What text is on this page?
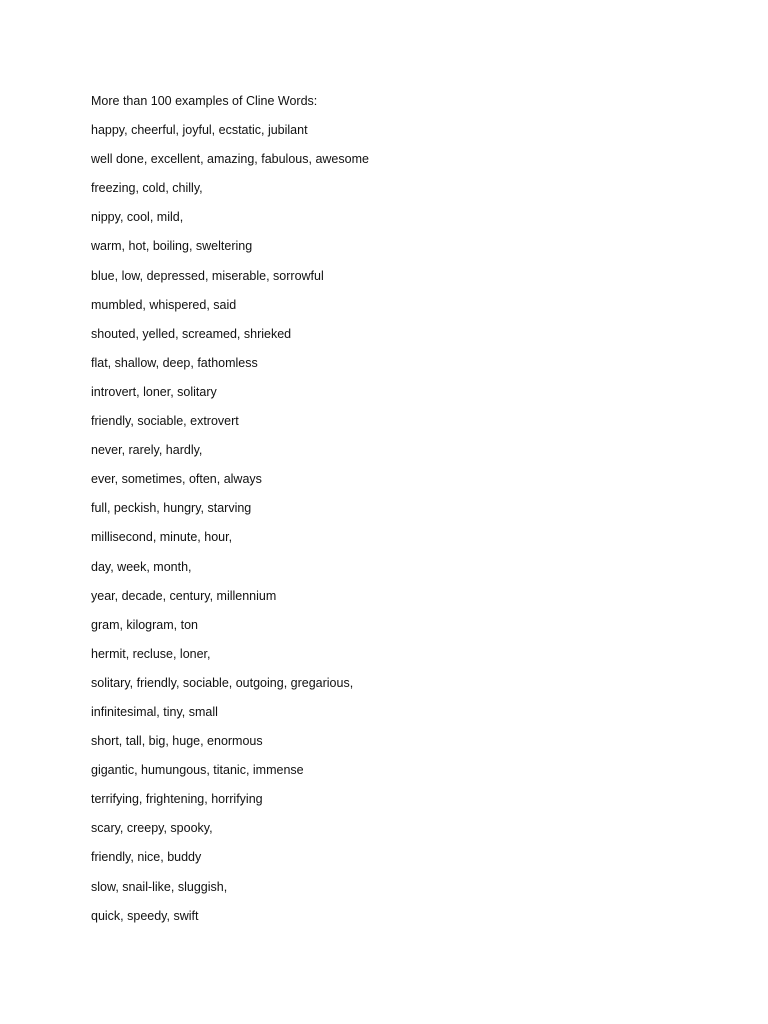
More than 100 examples of Cline Words:
happy, cheerful, joyful, ecstatic, jubilant
well done, excellent, amazing, fabulous, awesome
freezing, cold, chilly,
nippy, cool, mild,
warm, hot, boiling, sweltering
blue, low, depressed, miserable, sorrowful
mumbled, whispered, said
shouted, yelled, screamed, shrieked
flat, shallow, deep, fathomless
introvert, loner, solitary
friendly, sociable, extrovert
never, rarely, hardly,
ever, sometimes, often, always
full, peckish, hungry, starving
millisecond, minute, hour,
day, week, month,
year, decade, century, millennium
gram, kilogram, ton
hermit, recluse, loner,
solitary, friendly, sociable, outgoing, gregarious,
infinitesimal, tiny, small
short, tall, big, huge, enormous
gigantic, humungous, titanic, immense
terrifying, frightening, horrifying
scary, creepy, spooky,
friendly, nice, buddy
slow, snail-like, sluggish,
quick, speedy, swift
